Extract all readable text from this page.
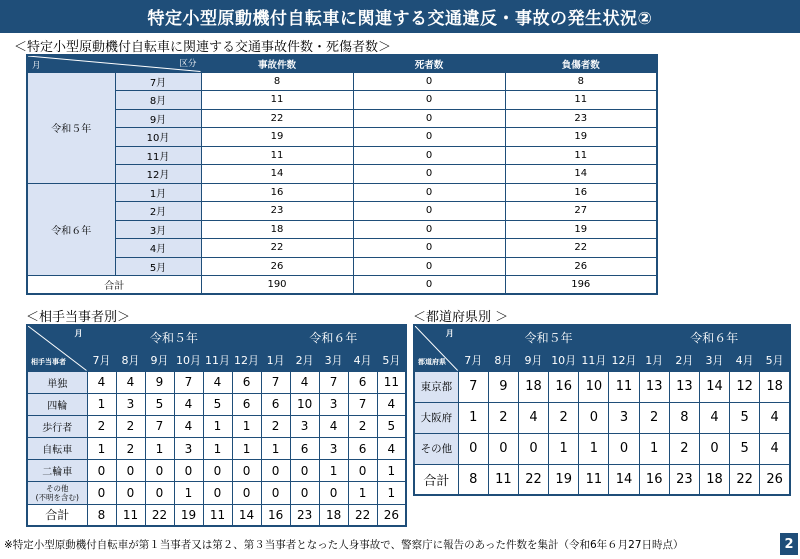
特定小型原動機付自転車に関連する交通違反・事故の発生状況②
＜特定小型原動機付自転車に関連する交通事故件数・死傷者数＞
月 区分		事故件数	死者数	負傷者数
令和５年	7月	8	0	8
	8月	11	0	11
	9月	22	0	23
	10月	19	0	19
	11月	11	0	11
	12月	14	0	14
令和６年	1月	16	0	16
	2月	23	0	27
	3月	18	0	19
	4月	22	0	22
	5月	26	0	26
合計		190	0	196
＜相手当事者別＞
月
相手当事者	令和５年						令和６年				
	7月	8月	9月	10月	11月	12月	1月	2月	3月	4月	5月
単独	4	4	9	7	4	6	7	4	7	6	11
四輪	1	3	5	4	5	6	6	10	3	7	4
歩行者	2	2	7	4	1	1	2	3	4	2	5
自転車	1	2	1	3	1	1	1	6	3	6	4
二輪車	0	0	0	0	0	0	0	0	1	0	1

その他
(不明を含む)	0	0	0	1	0	0	0	0	0	1	1
合計	8	11	22	19	11	14	16	23	18	22	26
＜都道府県別 ＞
月
都道府県	令和５年						令和６年				
	7月	8月	9月	10月	11月	12月	1月	2月	3月	4月	5月
東京都	7	9	18	16	10	11	13	13	14	12	18
大阪府	1	2	4	2	0	3	2	8	4	5	4
その他	0	0	0	1	1	0	1	2	0	5	4
合計	8	11	22	19	11	14	16	23	18	22	26
※特定小型原動機付自転車が第１当事者又は第２、第３当事者となった人身事故で、警察庁に報告のあった件数を集計（令和6年６月27日時点）	2
